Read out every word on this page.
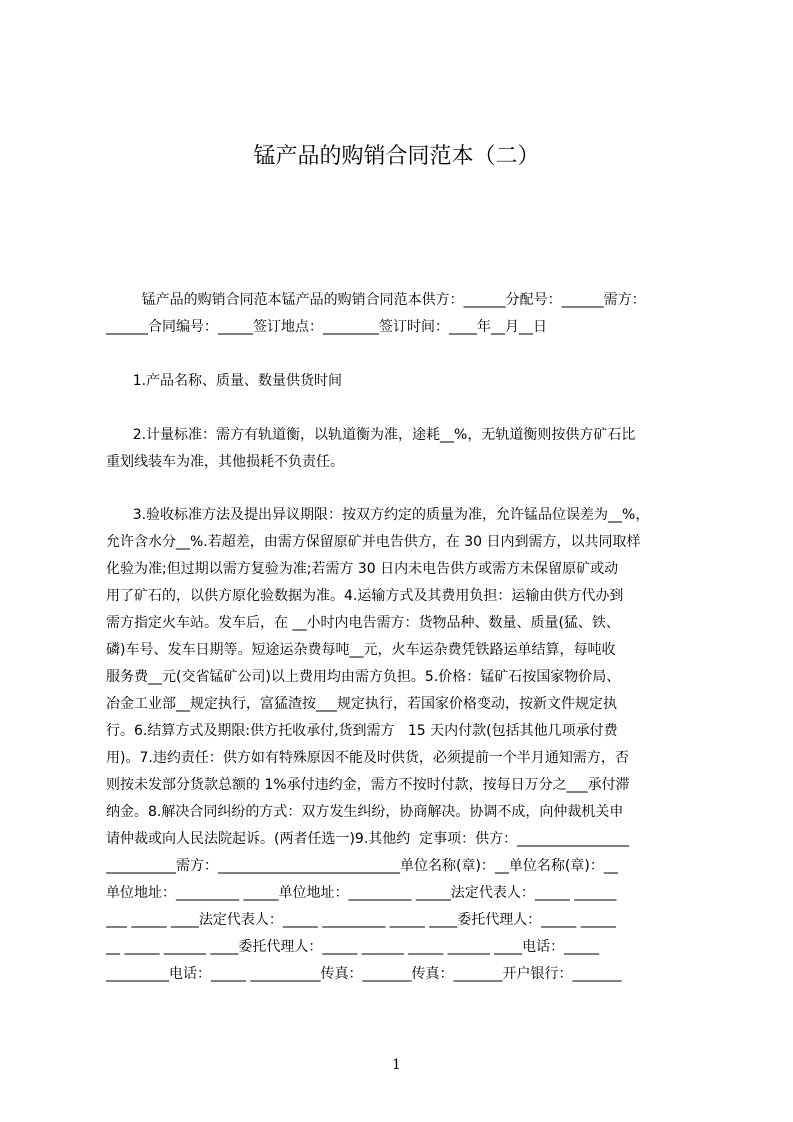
锰产品的购销合同范本（二）
锰产品的购销合同范本锰产品的购销合同范本供方：______分配号：______需方：
______合同编号：_____签订地点：________签订时间：____年__月__日
1.产品名称、质量、数量供货时间
2.计量标准：需方有轨道衡，以轨道衡为准，途耗__%，无轨道衡则按供方矿石比
重划线装车为准，其他损耗不负责任。
3.验收标准方法及提出异议期限：按双方约定的质量为准，允许锰品位误差为__%，
允许含水分__%.若超差，由需方保留原矿并电告供方，在 30 日内到需方，以共同取样
化验为准;但过期以需方复验为准;若需方 30 日内未电告供方或需方未保留原矿或动
用了矿石的，以供方原化验数据为准。4.运输方式及其费用负担：运输由供方代办到
需方指定火车站。发车后，在 __小时内电告需方：货物品种、数量、质量(猛、铁、
磷)车号、发车日期等。短途运杂费每吨__元，火车运杂费凭铁路运单结算，每吨收
服务费__元(交省锰矿公司)以上费用均由需方负担。5.价格：锰矿石按国家物价局、
冶金工业部__规定执行，富猛渣按___规定执行，若国家价格变动，按新文件规定执
行。6.结算方式及期限:供方托收承付,货到需方   15 天内付款(包括其他几项承付费
用)。7.违约责任：供方如有特殊原因不能及时供货，必须提前一个半月通知需方，否
则按未发部分货款总额的 1%承付违约金，需方不按时付款，按每日万分之___承付滞
纳金。8.解决合同纠纷的方式：双方发生纠纷，协商解决。协调不成，向仲裁机关申
请仲裁或向人民法院起诉。(两者任选一)9.其他约  定事项：供方：________________
__________需方：__________________________单位名称(章)：__单位名称(章)：__
单位地址：_________ _____单位地址：_________ _____法定代表人：_____ ______
___ _____ ____法定代表人：_____ _________ _____ ____委托代理人：_____ _____
__ _____ ______ ____委托代理人：_____ ______ _____ ______ ____电话：_____
_________电话：_____ __________传真：_______传真：_______开户银行：_______
1
